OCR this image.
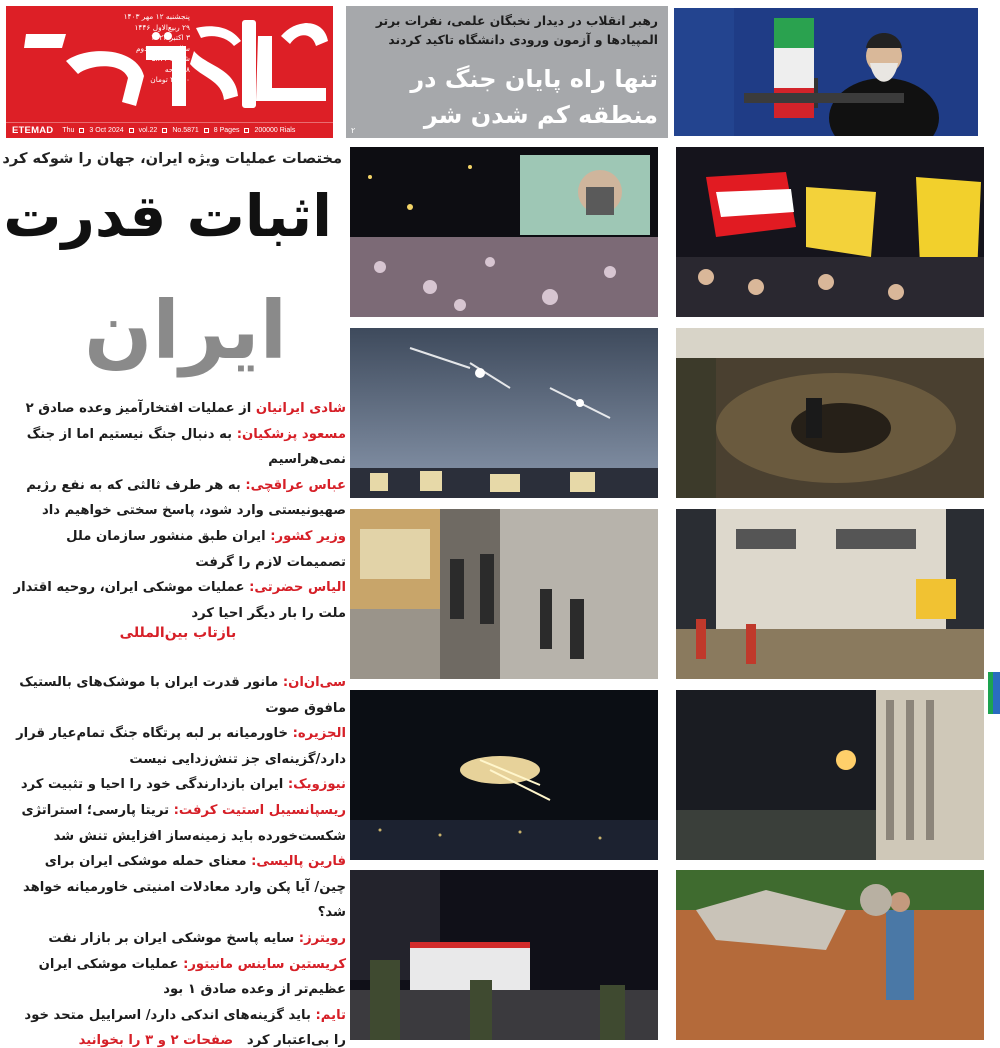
پنجشنبه ۱۲ مهر ۱۴۰۳
۲۹ ربیع‌الاول ۱۴۴۶
۳ اکتبر ۲۰۲۴
سال بیست و دوم
شماره ۵۸۷۱
۸ صفحه
۲۰۰۰۰ تومان
ETEMAD Thu 3 Oct 2024 vol.22 No.5871 8 Pages 200000 Rials
رهبر انقلاب در دیدار نخبگان علمی، نفرات برتر المپیادها و آزمون ورودی دانشگاه تاکید کردند
تنها راه پایان جنگ در منطقه کم شدن شر
۲
مختصات عملیات ویژه ایران، جهان را شوکه کرد
اثبات قدرت
ایران
شادی ایرانیان از عملیات افتخارآمیز وعده صادق ۲
مسعود پزشکیان: به دنبال جنگ نیستیم اما از جنگ نمی‌هراسیم
عباس عراقچی: به هر طرف ثالثی که به نفع رژیم صهیونیستی وارد شود، پاسخ سختی خواهیم داد
وزیر کشور: ایران طبق منشور سازمان ملل تصمیمات لازم را گرفت
الیاس حضرتی: عملیات موشکی ایران، روحیه اقتدار ملت را بار دیگر احیا کرد
بازتاب بین‌المللی
سی‌ان‌ان: مانور قدرت ایران با موشک‌های بالستیک مافوق صوت
الجزیره: خاورمیانه بر لبه پرتگاه جنگ تمام‌عیار قرار دارد/گزینه‌ای جز تنش‌زدایی نیست
نیوزویک: ایران بازدارندگی خود را احیا و تثبیت کرد
ریسپانسیبل استیت کرفت: تریتا پارسی؛ استراتژی شکست‌خورده باید زمینه‌ساز افزایش تنش شد
فارین پالیسی: معنای حمله موشکی ایران برای چین/ آیا پکن وارد معادلات امنیتی خاورمیانه خواهد شد؟
رویترز: سایه پاسخ موشکی ایران بر بازار نفت
کریستین ساینس مانیتور: عملیات موشکی ایران عظیم‌تر از وعده صادق ۱ بود
تایم: باید گزینه‌های اندکی دارد/ اسراییل متحد خود را بی‌اعتبار کرد   صفحات ۲ و ۳ را بخوانید
